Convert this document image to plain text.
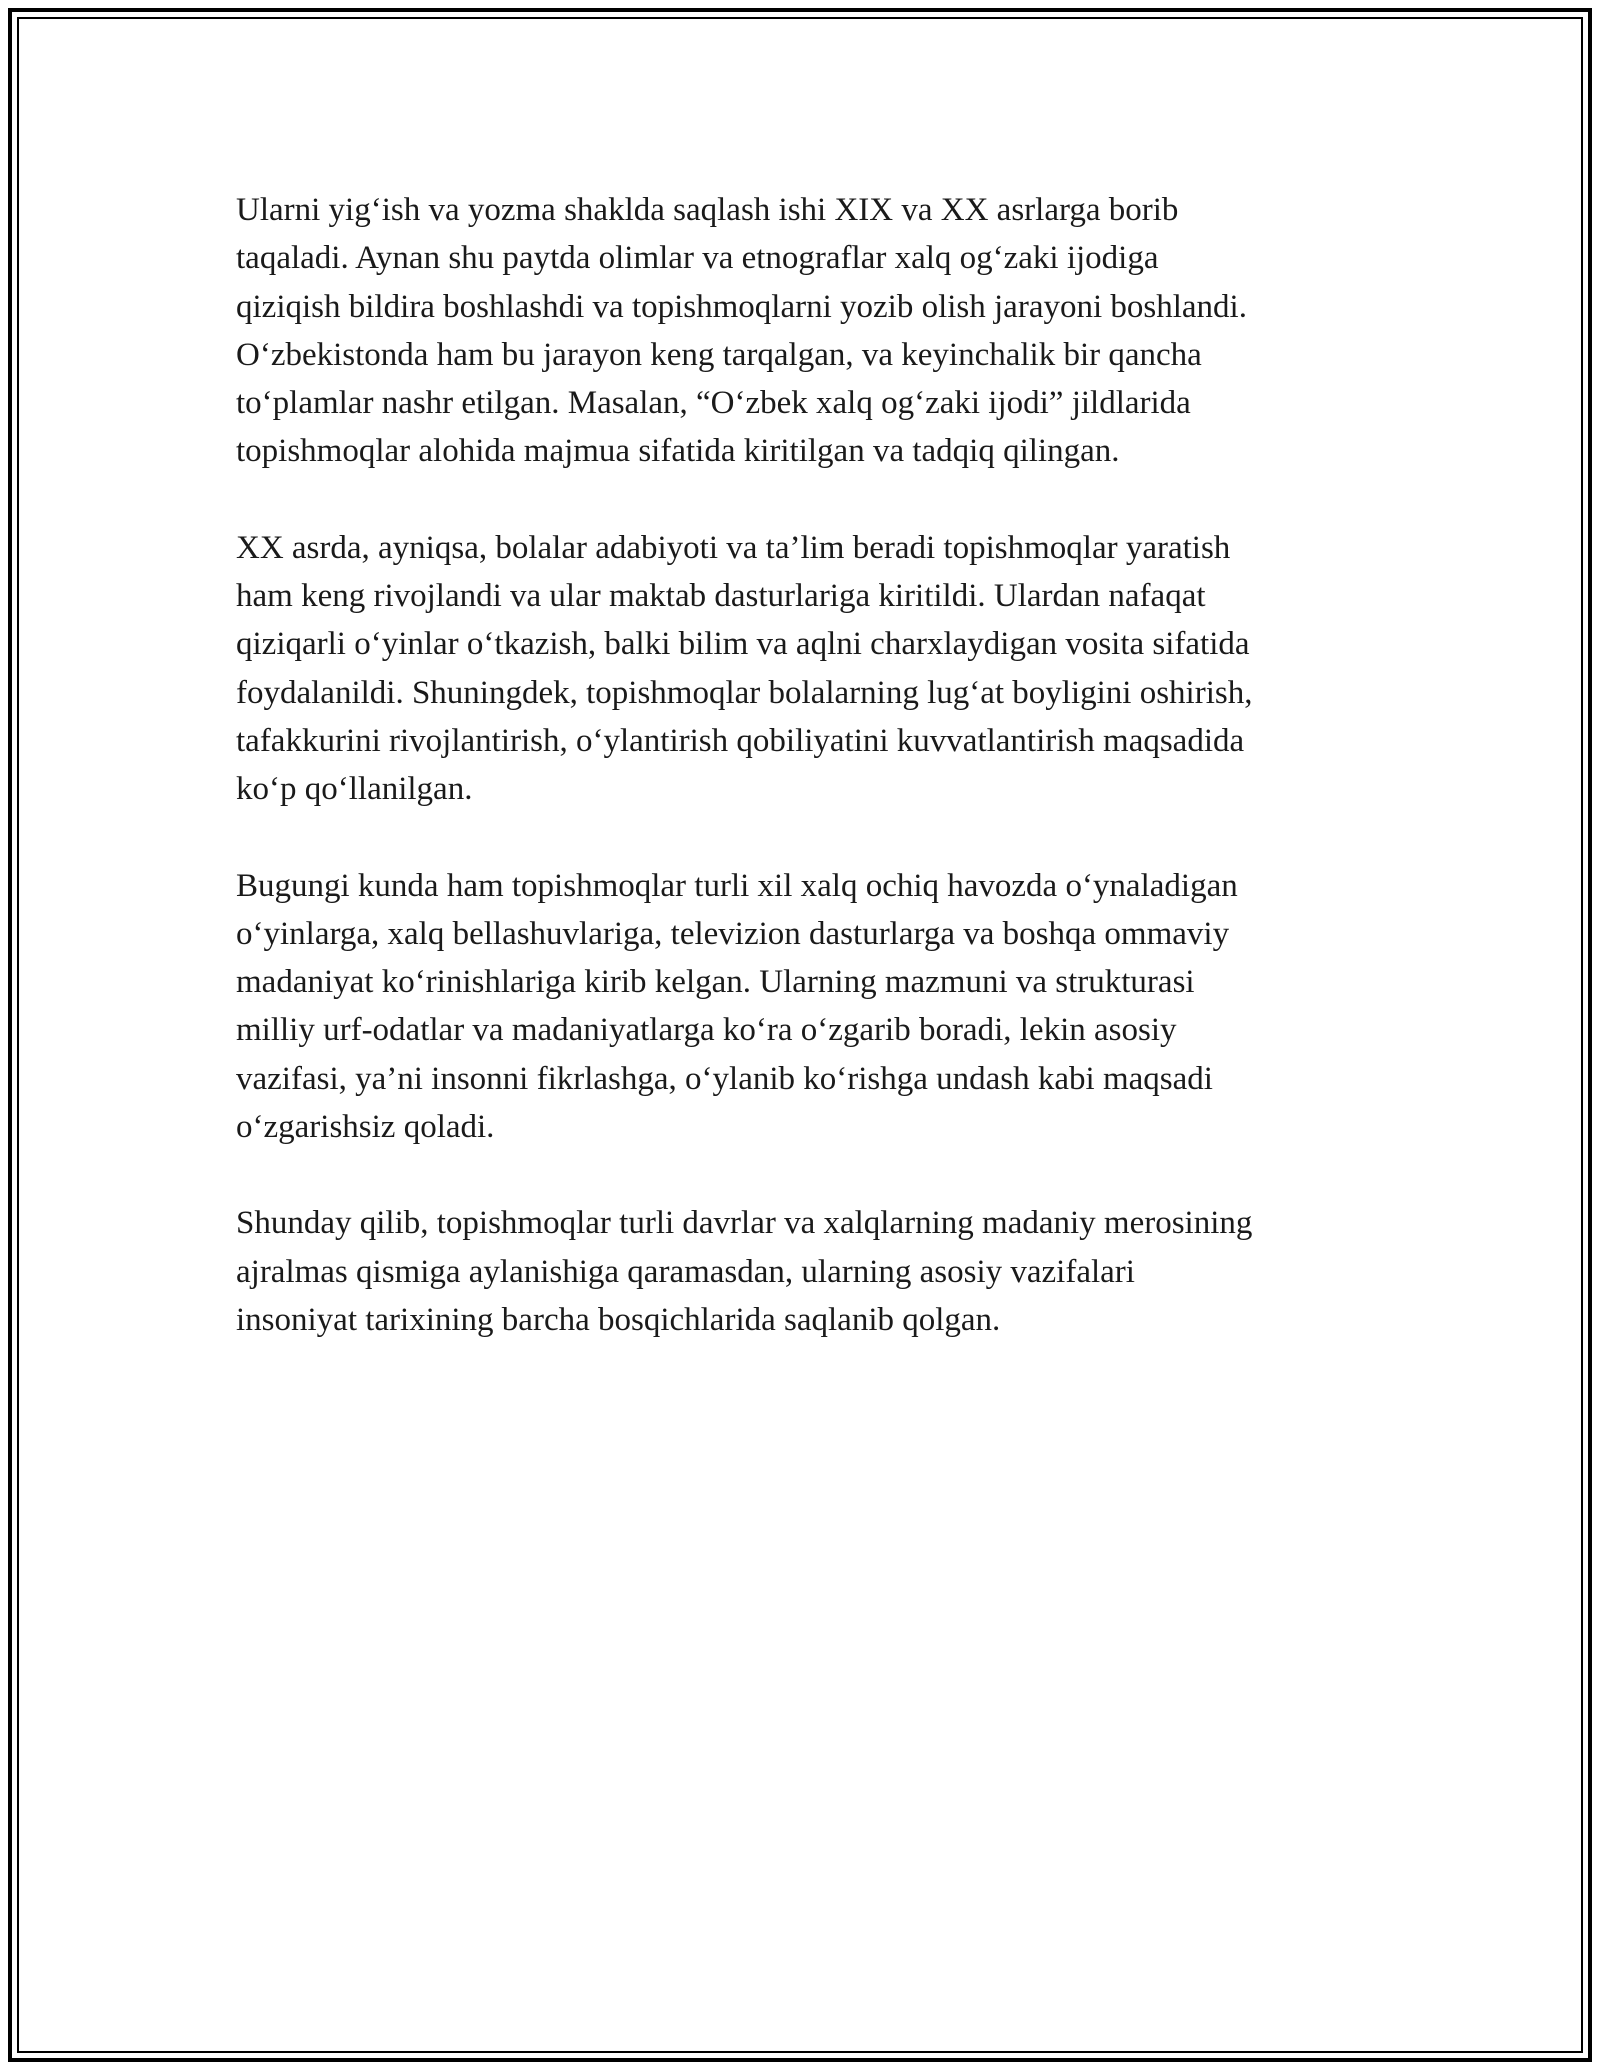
Ularni yig‘ish va yozma shaklda saqlash ishi XIX va XX asrlarga borib
taqaladi. Aynan shu paytda olimlar va etnograflar xalq og‘zaki ijodiga
qiziqish bildira boshlashdi va topishmoqlarni yozib olish jarayoni boshlandi.
O‘zbekistonda ham bu jarayon keng tarqalgan, va keyinchalik bir qancha
to‘plamlar nashr etilgan. Masalan, “O‘zbek xalq og‘zaki ijodi” jildlarida
topishmoqlar alohida majmua sifatida kiritilgan va tadqiq qilingan.

XX asrda, ayniqsa, bolalar adabiyoti va ta’lim beradi topishmoqlar yaratish
ham keng rivojlandi va ular maktab dasturlariga kiritildi. Ulardan nafaqat
qiziqarli o‘yinlar o‘tkazish, balki bilim va aqlni charxlaydigan vosita sifatida
foydalanildi. Shuningdek, topishmoqlar bolalarning lug‘at boyligini oshirish,
tafakkurini rivojlantirish, o‘ylantirish qobiliyatini kuvvatlantirish maqsadida
ko‘p qo‘llanilgan.

Bugungi kunda ham topishmoqlar turli xil xalq ochiq havozda o‘ynaladigan
o‘yinlarga, xalq bellashuvlariga, televizion dasturlarga va boshqa ommaviy
madaniyat ko‘rinishlariga kirib kelgan. Ularning mazmuni va strukturasi
milliy urf-odatlar va madaniyatlarga ko‘ra o‘zgarib boradi, lekin asosiy
vazifasi, ya’ni insonni fikrlashga, o‘ylanib ko‘rishga undash kabi maqsadi
o‘zgarishsiz qoladi.

Shunday qilib, topishmoqlar turli davrlar va xalqlarning madaniy merosining
ajralmas qismiga aylanishiga qaramasdan, ularning asosiy vazifalari
insoniyat tarixining barcha bosqichlarida saqlanib qolgan.
